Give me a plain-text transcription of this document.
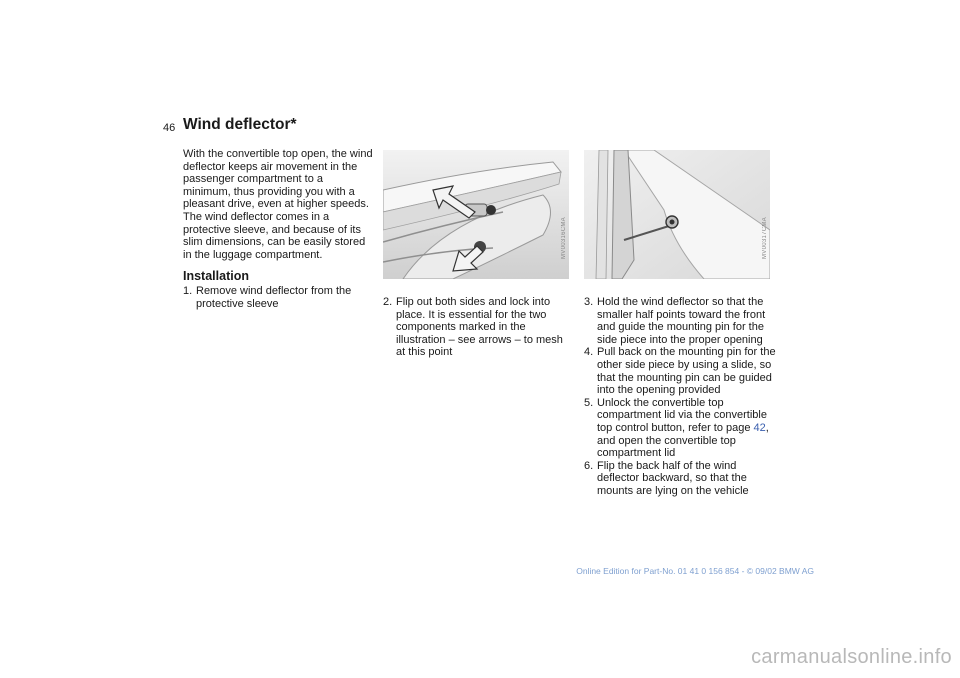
46 Wind deflector*

With the convertible top open, the wind deflector keeps air movement in the passenger compartment to a minimum, thus providing you with a pleasant drive, even at higher speeds. The wind deflector comes in a protective sleeve, and because of its slim dimensions, can be easily stored in the luggage compartment.

Installation
1. Remove wind deflector from the protective sleeve
MV00316CMA	MV00317CMA
2. Flip out both sides and lock into place. It is essential for the two components marked in the illustration – see arrows – to mesh at this point
3. Hold the wind deflector so that the smaller half points toward the front and guide the mounting pin for the side piece into the proper opening
4. Pull back on the mounting pin for the other side piece by using a slide, so that the mounting pin can be guided into the opening provided
5. Unlock the convertible top compartment lid via the convertible top control button, refer to page 42, and open the convertible top compartment lid
6. Flip the back half of the wind deflector backward, so that the mounts are lying on the vehicle
Online Edition for Part-No. 01 41 0 156 854 - © 09/02 BMW AG
carmanualsonline.info
